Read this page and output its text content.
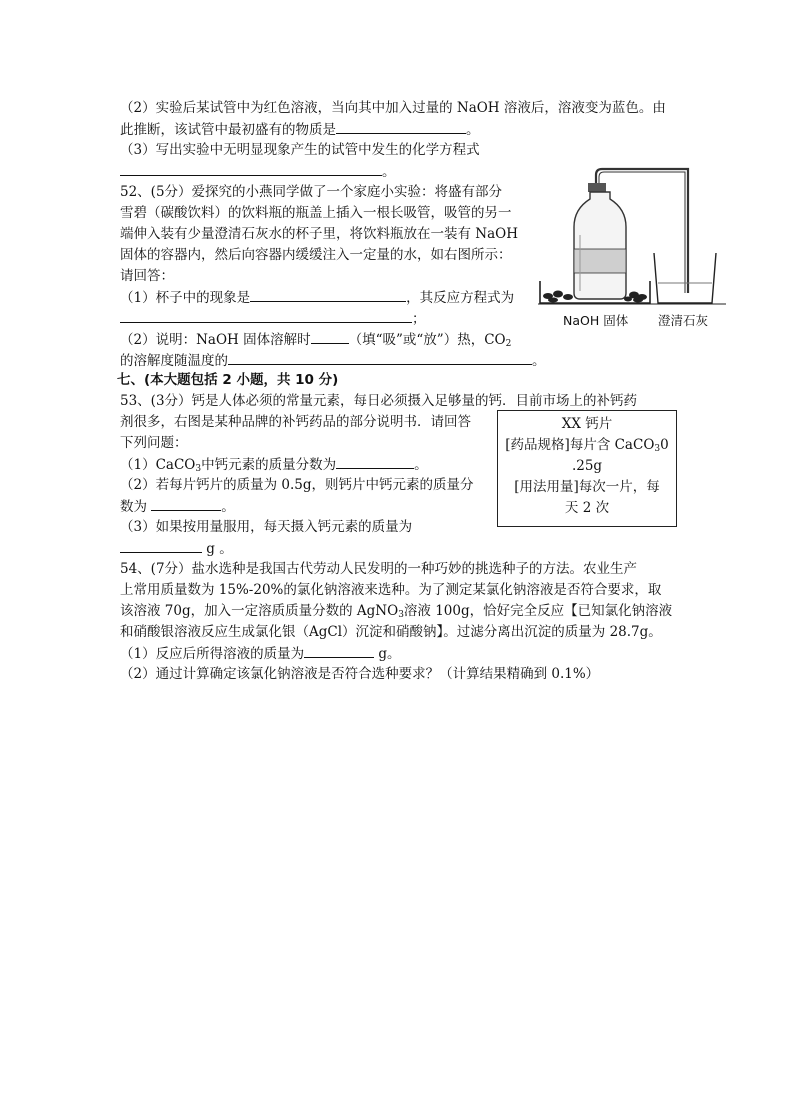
（2）实验后某试管中为红色溶液，当向其中加入过量的 NaOH 溶液后，溶液变为蓝色。由
此推断，该试管中最初盛有的物质是	。
（3）写出实验中无明显现象产生的试管中发生的化学方程式
。
52、(5分）爱探究的小燕同学做了一个家庭小实验：将盛有部分
雪碧（碳酸饮料）的饮料瓶的瓶盖上插入一根长吸管，吸管的另一
端伸入装有少量澄清石灰水的杯子里，将饮料瓶放在一装有 NaOH
固体的容器内，然后向容器内缓缓注入一定量的水，如右图所示：
请回答：
（1）杯子中的现象是	，其反应方程式为
；
（2）说明：NaOH 固体溶解时	（填“吸”或“放”）热，$CO_2$
的溶解度随温度的	。
NaOH 固体 澄清石灰
七、(本大题包括 2 小题，共 10 分)
53、(3分）钙是人体必须的常量元素，每日必须摄入足够量的钙．目前市场上的补钙药
剂很多，右图是某种品牌的补钙药品的部分说明书．请回答
下列问题：
（1）CaCO$_3$中钙元素的质量分数为	。
（2）若每片钙片的质量为 0.5g，则钙片中钙元素的质量分
数为	。
（3）如果按用量服用，每天摄入钙元素的质量为
g 。
XX 钙片
[药品规格]每片含 CaCO$_3$0
.25g
[用法用量]每次一片，每
天 2 次
54、(7分）盐水选种是我国古代劳动人民发明的一种巧妙的挑选种子的方法。农业生产
上常用质量数为 15%-20%的氯化钠溶液来选种。为了测定某氯化钠溶液是否符合要求，取
该溶液 70g，加入一定溶质质量分数的 AgNO$_3$溶液 100g，恰好完全反应【已知氯化钠溶液
和硝酸银溶液反应生成氯化银（AgCl）沉淀和硝酸钠】。过滤分离出沉淀的质量为 28.7g。
（1）反应后所得溶液的质量为	g。
（2）通过计算确定该氯化钠溶液是否符合选种要求？（计算结果精确到 0.1%）
